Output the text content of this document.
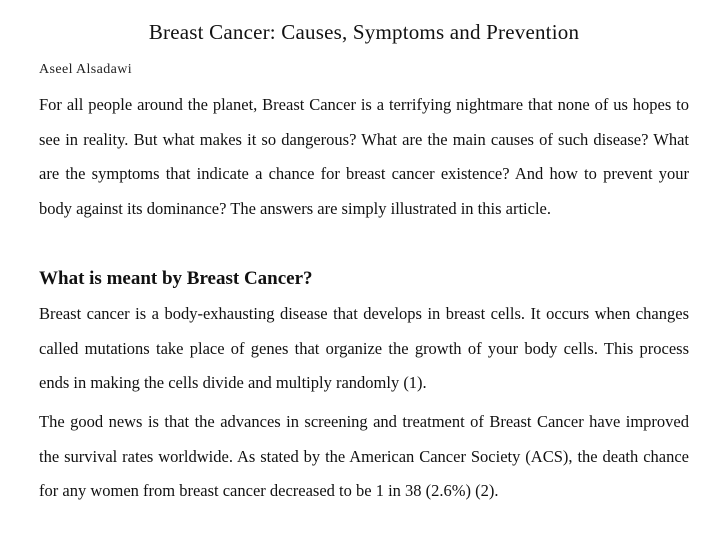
Breast Cancer: Causes, Symptoms and Prevention
Aseel Alsadawi

For all people around the planet, Breast Cancer is a terrifying nightmare that none of us hopes to see in reality. But what makes it so dangerous? What are the main causes of such disease? What are the symptoms that indicate a chance for breast cancer existence? And how to prevent your body against its dominance? The answers are simply illustrated in this article.

What is meant by Breast Cancer?

Breast cancer is a body-exhausting disease that develops in breast cells. It occurs when changes called mutations take place of genes that organize the growth of your body cells. This process ends in making the cells divide and multiply randomly (1).

The good news is that the advances in screening and treatment of Breast Cancer have improved the survival rates worldwide. As stated by the American Cancer Society (ACS), the death chance for any women from breast cancer decreased to be 1 in 38 (2.6%) (2).
